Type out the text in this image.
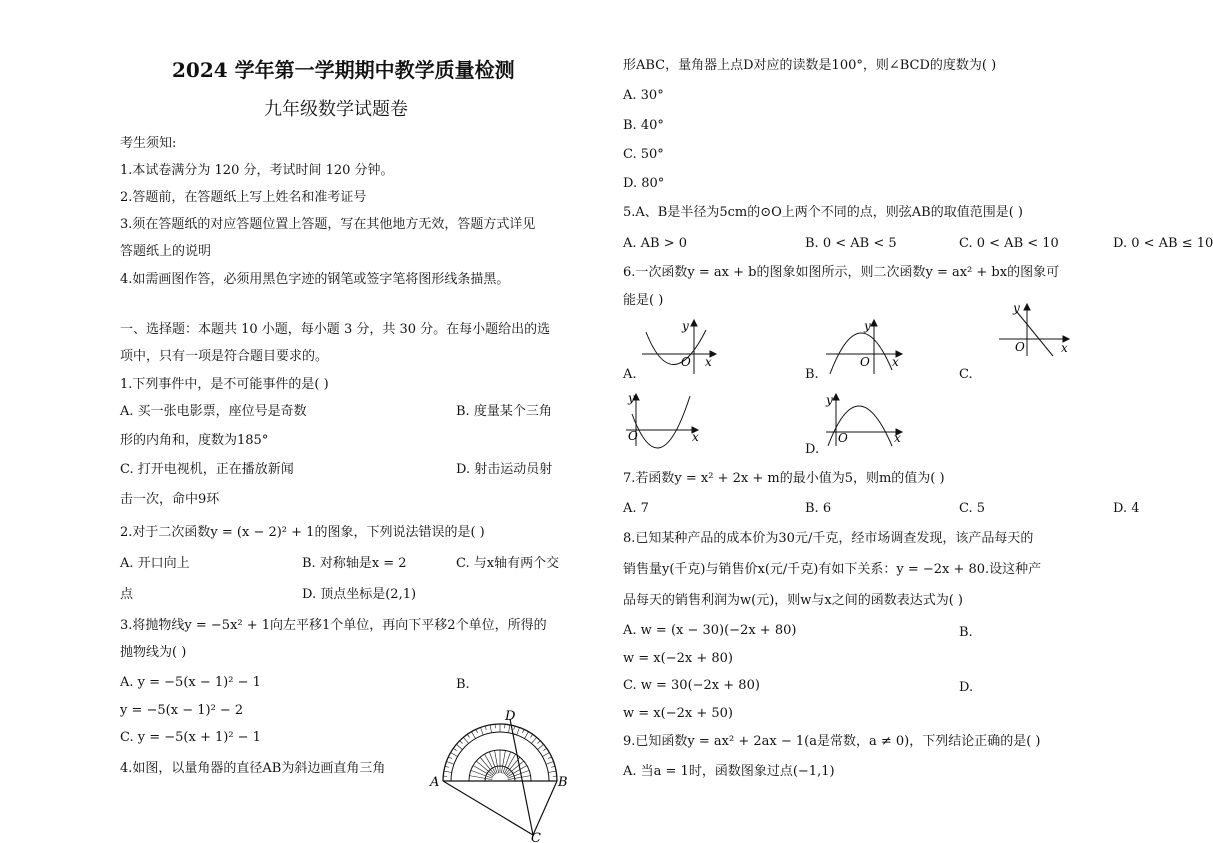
2024 学年第一学期期中教学质量检测
九年级数学试题卷
考生须知:
1.本试卷满分为 120 分，考试时间 120 分钟。
2.答题前，在答题纸上写上姓名和准考证号
3.须在答题纸的对应答题位置上答题，写在其他地方无效，答题方式详见
答题纸上的说明
4.如需画图作答，必须用黑色字迹的钢笔或签字笔将图形线条描黑。
一、选择题：本题共 10 小题，每小题 3 分，共 30 分。在每小题给出的选
项中，只有一项是符合题目要求的。
1.下列事件中，是不可能事件的是( )
A. 买一张电影票，座位号是奇数	B. 度量某个三角
形的内角和，度数为185°
C. 打开电视机，正在播放新闻	D. 射击运动员射
击一次，命中9环
2.对于二次函数y = (x − 2)² + 1的图象，下列说法错误的是( )
A. 开口向上	B. 对称轴是x = 2	C. 与x轴有两个交
点	D. 顶点坐标是(2,1)
3.将抛物线y = −5x² + 1向左平移1个单位，再向下平移2个单位，所得的
抛物线为( )
A. y = −5(x − 1)² − 1	B.
y = −5(x − 1)² − 2
C. y = −5(x + 1)² − 1
4.如图，以量角器的直径AB为斜边画直角三角
D
A	B
C
形ABC，量角器上点D对应的读数是100°，则∠BCD的度数为( )
A. 30°
B. 40°
C. 50°
D. 80°
5.A、B是半径为5cm的⊙O上两个不同的点，则弦AB的取值范围是( )
A. AB > 0	B. 0 < AB < 5	C. 0 < AB < 10	D. 0 < AB ≤ 10
6.一次函数y = ax + b的图象如图所示，则二次函数y = ax² + bx的图象可
能是( )
y
O x
A.
y
O x
B.
y
O	x
C.
y
O	x
y
O	x
D.
7.若函数y = x² + 2x + m的最小值为5，则m的值为( )
A. 7	B. 6	C. 5	D. 4
8.已知某种产品的成本价为30元/千克，经市场调查发现，该产品每天的
销售量y(千克)与销售价x(元/千克)有如下关系：y = −2x + 80.设这种产
品每天的销售利润为w(元)，则w与x之间的函数表达式为( )
A. w = (x − 30)(−2x + 80)	B.
w = x(−2x + 80)
C. w = 30(−2x + 80)	D.
w = x(−2x + 50)
9.已知函数y = ax² + 2ax − 1(a是常数，a ≠ 0)，下列结论正确的是( )
A. 当a = 1时，函数图象过点(−1,1)
